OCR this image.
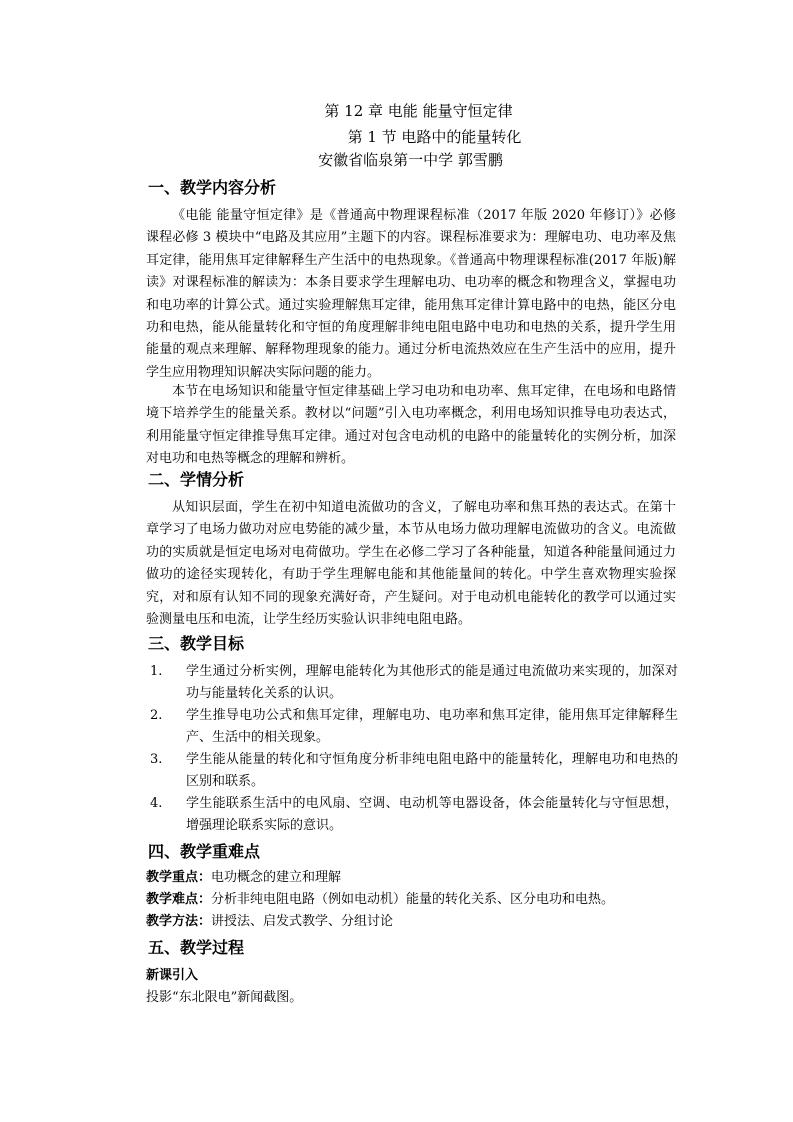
第 12 章 电能 能量守恒定律
第 1 节 电路中的能量转化
安徽省临泉第一中学 郭雪鹏
一、教学内容分析
《电能 能量守恒定律》是《普通高中物理课程标准（2017 年版 2020 年修订）》必修课程必修 3 模块中“电路及其应用”主题下的内容。课程标准要求为：理解电功、电功率及焦耳定律，能用焦耳定律解释生产生活中的电热现象。《普通高中物理课程标准(2017 年版)解读》对课程标准的解读为：本条目要求学生理解电功、电功率的概念和物理含义，掌握电功和电功率的计算公式。通过实验理解焦耳定律，能用焦耳定律计算电路中的电热，能区分电功和电热，能从能量转化和守恒的角度理解非纯电阻电路中电功和电热的关系，提升学生用能量的观点来理解、解释物理现象的能力。通过分析电流热效应在生产生活中的应用，提升学生应用物理知识解决实际问题的能力。
本节在电场知识和能量守恒定律基础上学习电功和电功率、焦耳定律，在电场和电路情境下培养学生的能量关系。教材以“问题”引入电功率概念，利用电场知识推导电功表达式，利用能量守恒定律推导焦耳定律。通过对包含电动机的电路中的能量转化的实例分析，加深对电功和电热等概念的理解和辨析。
二、学情分析
从知识层面，学生在初中知道电流做功的含义，了解电功率和焦耳热的表达式。在第十章学习了电场力做功对应电势能的减少量，本节从电场力做功理解电流做功的含义。电流做功的实质就是恒定电场对电荷做功。学生在必修二学习了各种能量，知道各种能量间通过力做功的途径实现转化，有助于学生理解电能和其他能量间的转化。中学生喜欢物理实验探究，对和原有认知不同的现象充满好奇，产生疑问。对于电动机电能转化的教学可以通过实验测量电压和电流，让学生经历实验认识非纯电阻电路。
三、教学目标
1. 学生通过分析实例，理解电能转化为其他形式的能是通过电流做功来实现的，加深对功与能量转化关系的认识。
2. 学生推导电功公式和焦耳定律，理解电功、电功率和焦耳定律，能用焦耳定律解释生产、生活中的相关现象。
3. 学生能从能量的转化和守恒角度分析非纯电阻电路中的能量转化，理解电功和电热的区别和联系。
4. 学生能联系生活中的电风扇、空调、电动机等电器设备，体会能量转化与守恒思想，增强理论联系实际的意识。
四、教学重难点
教学重点：电功概念的建立和理解
教学难点：分析非纯电阻电路（例如电动机）能量的转化关系、区分电功和电热。
教学方法：讲授法、启发式教学、分组讨论
五、教学过程
新课引入
投影“东北限电”新闻截图。
